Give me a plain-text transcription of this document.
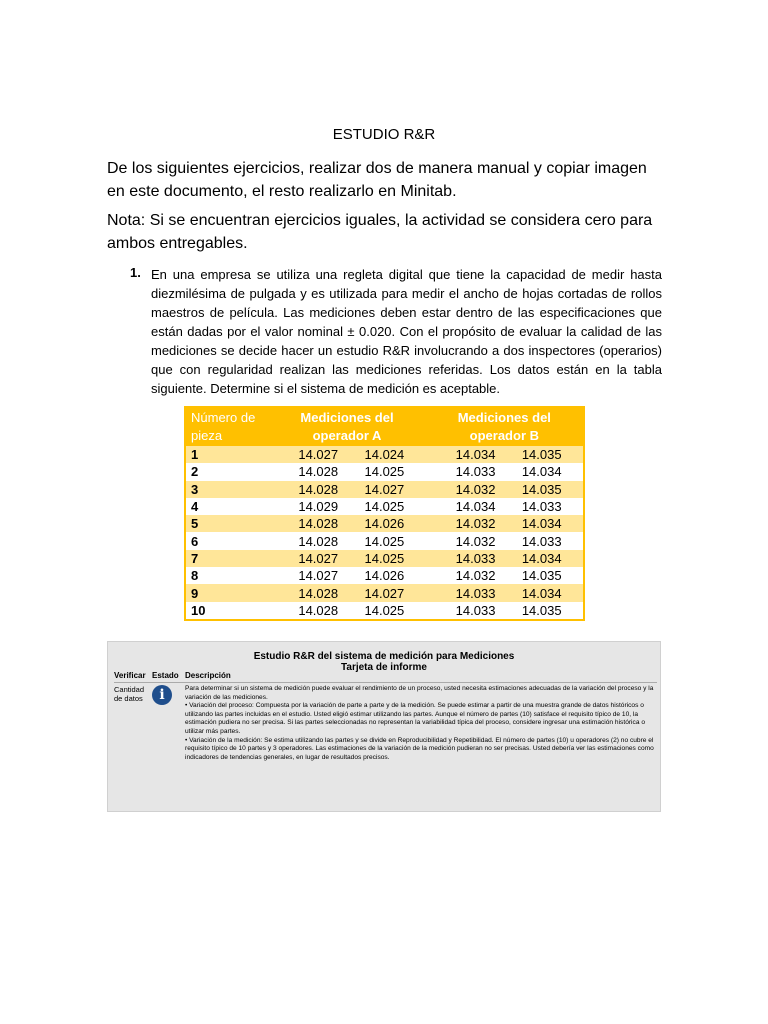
ESTUDIO R&R

De los siguientes ejercicios, realizar dos de manera manual y copiar imagen en este documento, el resto realizarlo en Minitab.

Nota: Si se encuentran ejercicios iguales, la actividad se considera cero para ambos entregables.

1. En una empresa se utiliza una regleta digital que tiene la capacidad de medir hasta diezmilésima de pulgada y es utilizada para medir el ancho de hojas cortadas de rollos maestros de película. Las mediciones deben estar dentro de las especificaciones que están dadas por el valor nominal ± 0.020. Con el propósito de evaluar la calidad de las mediciones se decide hacer un estudio R&R involucrando a dos inspectores (operarios) que con regularidad realizan las mediciones referidas. Los datos están en la tabla siguiente. Determine si el sistema de medición es aceptable.

Número de pieza	Mediciones del operador A		Mediciones del operador B	
1	14.027	14.024	14.034	14.035
2	14.028	14.025	14.033	14.034
3	14.028	14.027	14.032	14.035
4	14.029	14.025	14.034	14.033
5	14.028	14.026	14.032	14.034
6	14.028	14.025	14.032	14.033
7	14.027	14.025	14.033	14.034
8	14.027	14.026	14.032	14.035
9	14.028	14.027	14.033	14.034
10	14.028	14.025	14.033	14.035
Estudio R&R del sistema de medición para Mediciones
Tarjeta de informe
Verificar Estado Descripción
Cantidad de datos	i	Para determinar si un sistema de medición puede evaluar el rendimiento de un proceso, usted necesita estimaciones adecuadas de la variación del proceso y la variación de las mediciones.

• Variación del proceso: Compuesta por la variación de parte a parte y de la medición. Se puede estimar a partir de una muestra grande de datos históricos o utilizando las partes incluidas en el estudio. Usted eligió estimar utilizando las partes. Aunque el número de partes (10) satisface el requisito típico de 10, la estimación pudiera no ser precisa. Si las partes seleccionadas no representan la variabilidad típica del proceso, considere ingresar una estimación histórica o utilizar más partes.

• Variación de la medición: Se estima utilizando las partes y se divide en Reproducibilidad y Repetibilidad. El número de partes (10) u operadores (2) no cubre el requisito típico de 10 partes y 3 operadores. Las estimaciones de la variación de la medición pudieran no ser precisas. Usted debería ver las estimaciones como indicadores de tendencias generales, en lugar de resultados precisos.
